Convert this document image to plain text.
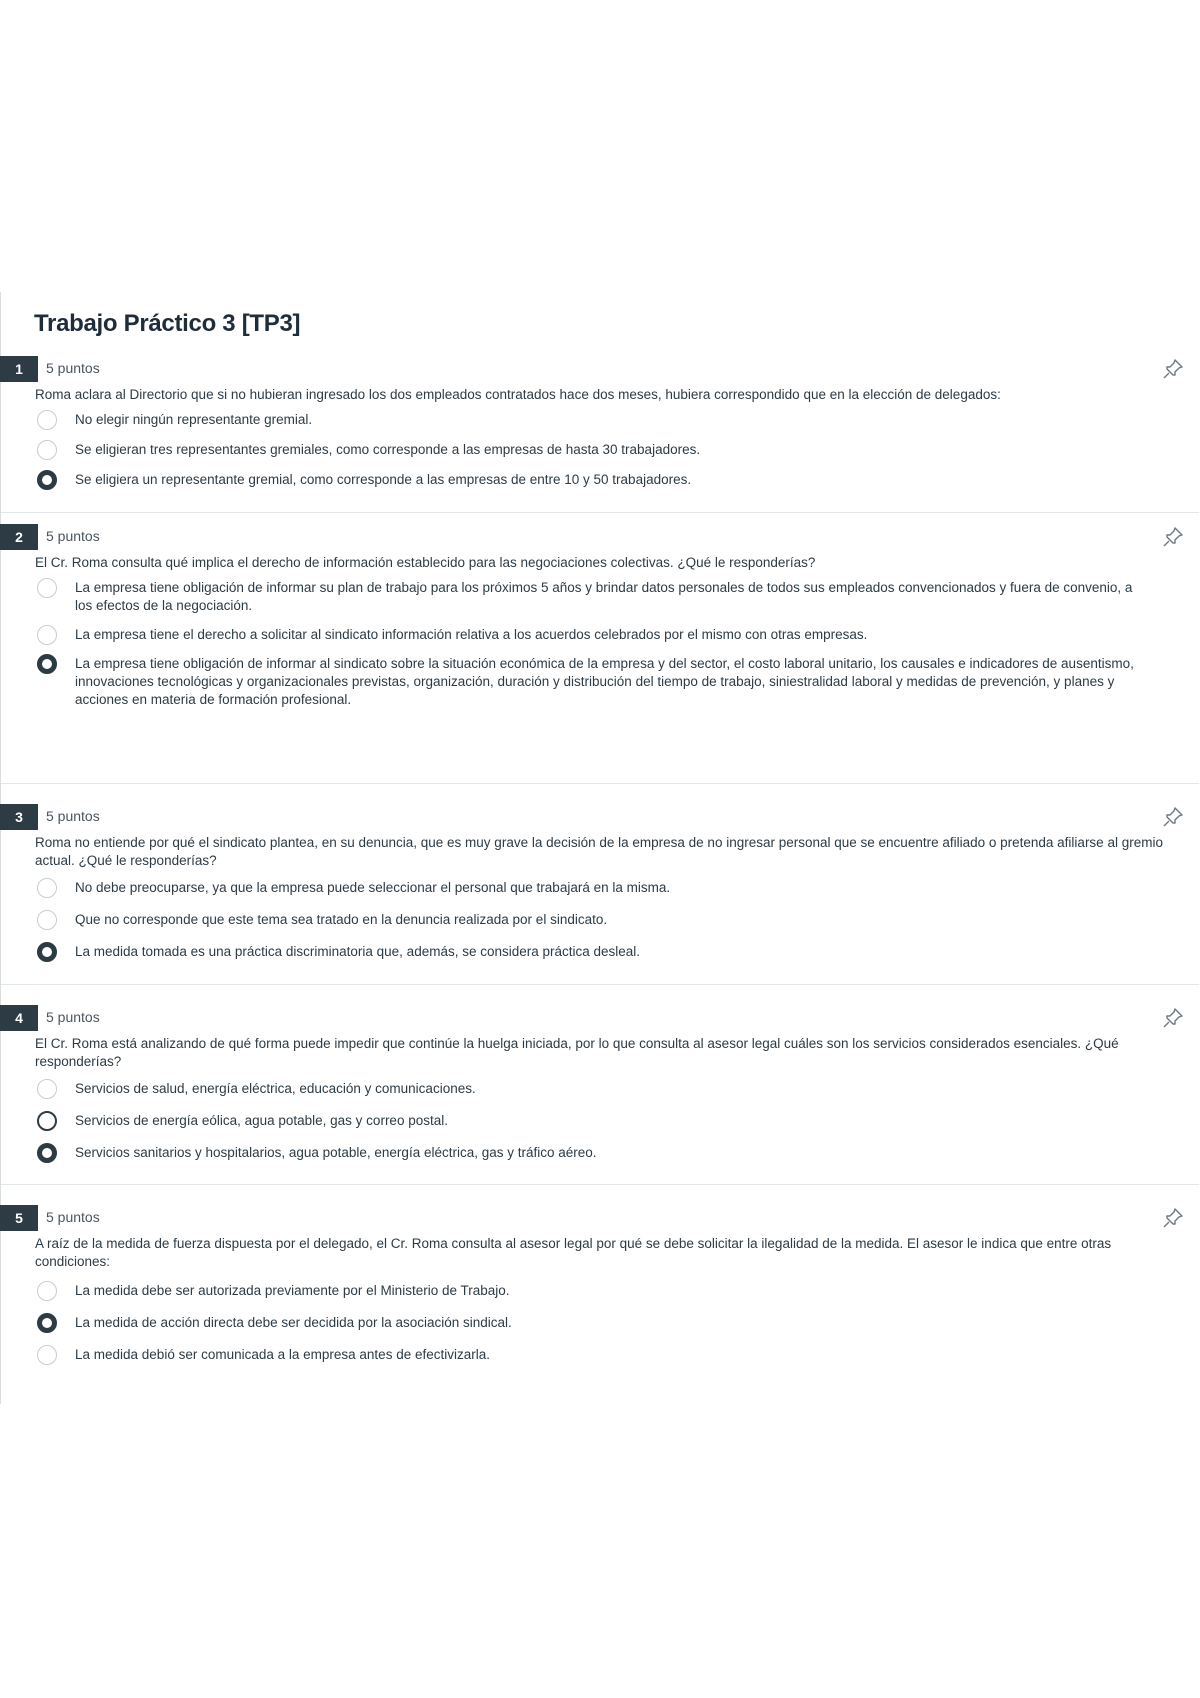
Trabajo Práctico 3 [TP3]
1	5 puntos

Roma aclara al Directorio que si no hubieran ingresado los dos empleados contratados hace dos meses, hubiera correspondido que en la elección de delegados:

No elegir ningún representante gremial.
Se eligieran tres representantes gremiales, como corresponde a las empresas de hasta 30 trabajadores.
Se eligiera un representante gremial, como corresponde a las empresas de entre 10 y 50 trabajadores.
2	5 puntos

El Cr. Roma consulta qué implica el derecho de información establecido para las negociaciones colectivas. ¿Qué le responderías?

La empresa tiene obligación de informar su plan de trabajo para los próximos 5 años y brindar datos personales de todos sus empleados convencionados y fuera de convenio, a los efectos de la negociación.
La empresa tiene el derecho a solicitar al sindicato información relativa a los acuerdos celebrados por el mismo con otras empresas.
La empresa tiene obligación de informar al sindicato sobre la situación económica de la empresa y del sector, el costo laboral unitario, los causales e indicadores de ausentismo, innovaciones tecnológicas y organizacionales previstas, organización, duración y distribución del tiempo de trabajo, siniestralidad laboral y medidas de prevención, y planes y acciones en materia de formación profesional.
3	5 puntos

Roma no entiende por qué el sindicato plantea, en su denuncia, que es muy grave la decisión de la empresa de no ingresar personal que se encuentre afiliado o pretenda afiliarse al gremio actual. ¿Qué le responderías?

No debe preocuparse, ya que la empresa puede seleccionar el personal que trabajará en la misma.
Que no corresponde que este tema sea tratado en la denuncia realizada por el sindicato.
La medida tomada es una práctica discriminatoria que, además, se considera práctica desleal.
4	5 puntos

El Cr. Roma está analizando de qué forma puede impedir que continúe la huelga iniciada, por lo que consulta al asesor legal cuáles son los servicios considerados esenciales. ¿Qué responderías?

Servicios de salud, energía eléctrica, educación y comunicaciones.
Servicios de energía eólica, agua potable, gas y correo postal.
Servicios sanitarios y hospitalarios, agua potable, energía eléctrica, gas y tráfico aéreo.
5	5 puntos

A raíz de la medida de fuerza dispuesta por el delegado, el Cr. Roma consulta al asesor legal por qué se debe solicitar la ilegalidad de la medida. El asesor le indica que entre otras condiciones:

La medida debe ser autorizada previamente por el Ministerio de Trabajo.
La medida de acción directa debe ser decidida por la asociación sindical.
La medida debió ser comunicada a la empresa antes de efectivizarla.
